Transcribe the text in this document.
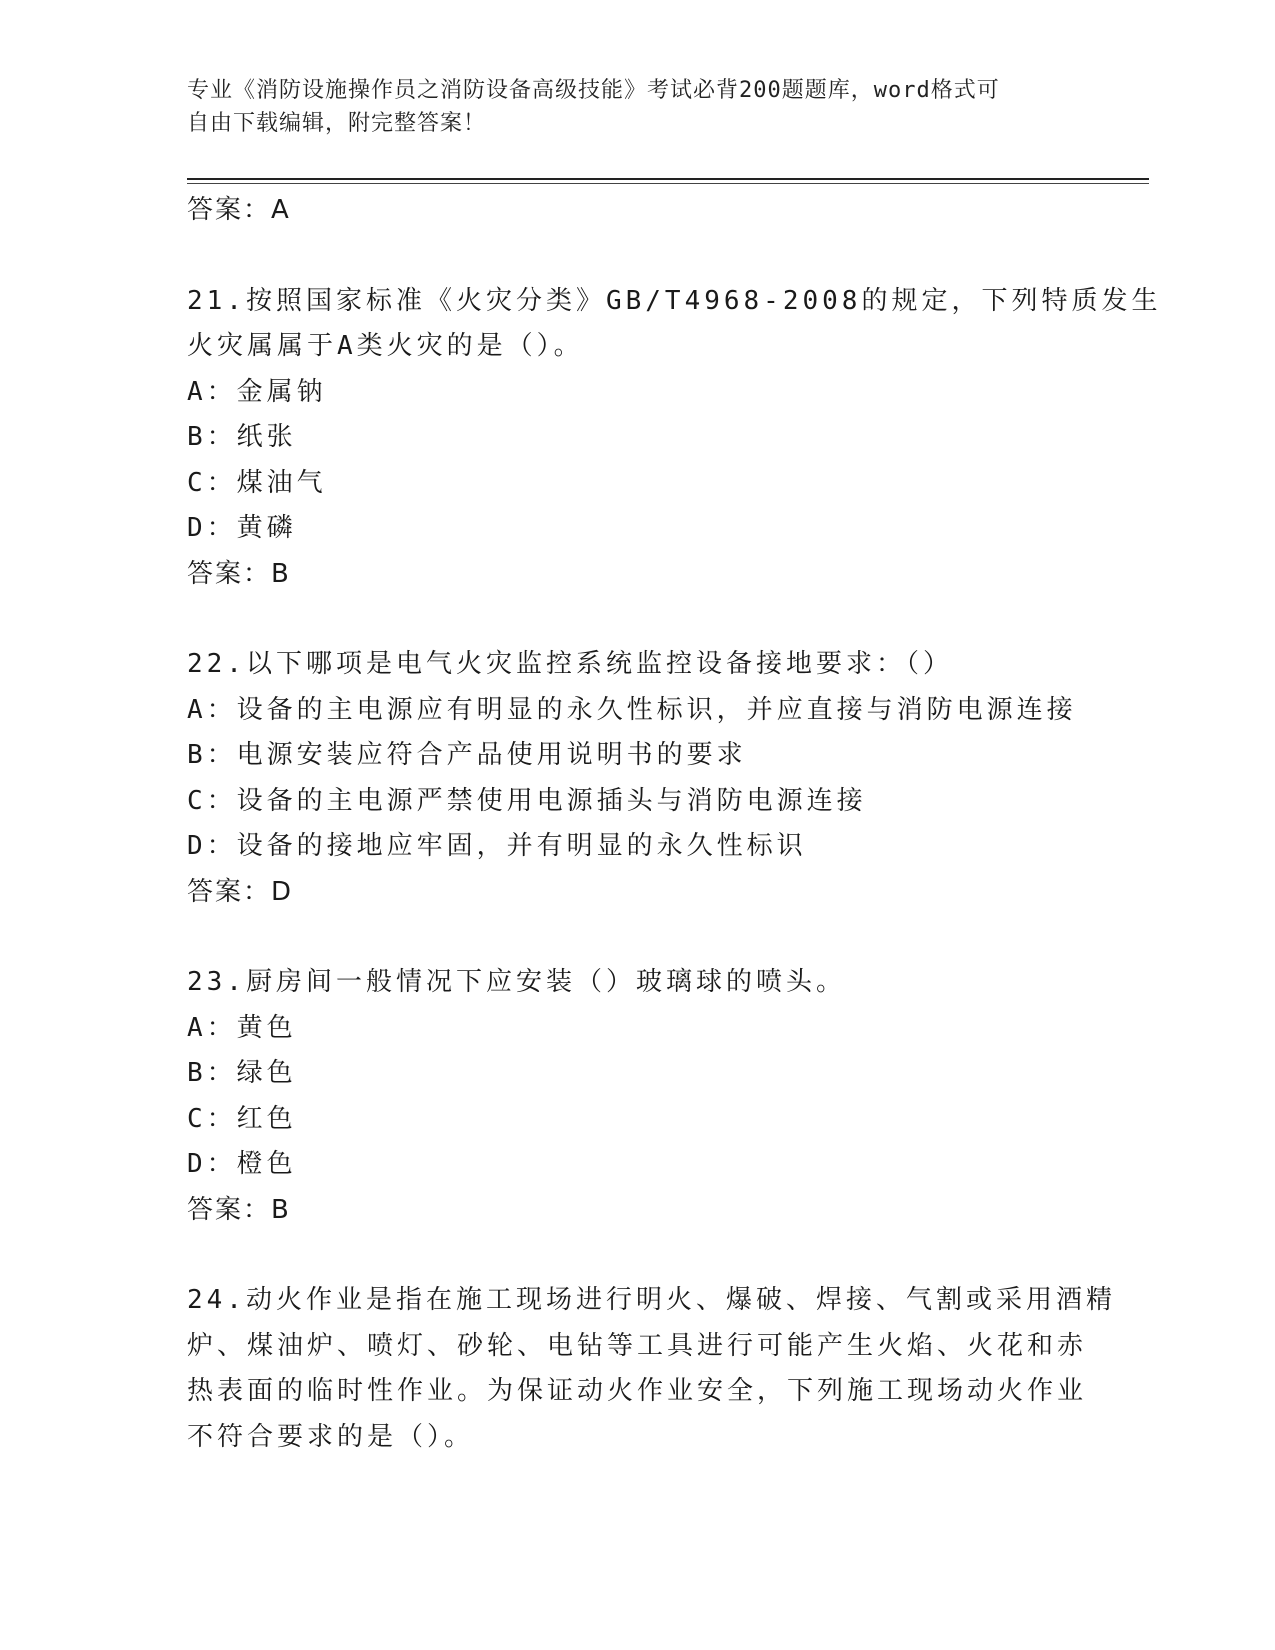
专业《消防设施操作员之消防设备高级技能》考试必背200题题库，word格式可
自由下载编辑，附完整答案！
答案：A
21.按照国家标准《火灾分类》GB/T4968-2008的规定，下列特质发生
火灾属属于A类火灾的是（）。
A：金属钠
B：纸张
C：煤油气
D：黄磷
答案：B
22.以下哪项是电气火灾监控系统监控设备接地要求：（）
A：设备的主电源应有明显的永久性标识，并应直接与消防电源连接
B：电源安装应符合产品使用说明书的要求
C：设备的主电源严禁使用电源插头与消防电源连接
D：设备的接地应牢固，并有明显的永久性标识
答案：D
23.厨房间一般情况下应安装（）玻璃球的喷头。
A：黄色
B：绿色
C：红色
D：橙色
答案：B
24.动火作业是指在施工现场进行明火、爆破、焊接、气割或采用酒精
炉、煤油炉、喷灯、砂轮、电钻等工具进行可能产生火焰、火花和赤
热表面的临时性作业。为保证动火作业安全，下列施工现场动火作业
不符合要求的是（）。
